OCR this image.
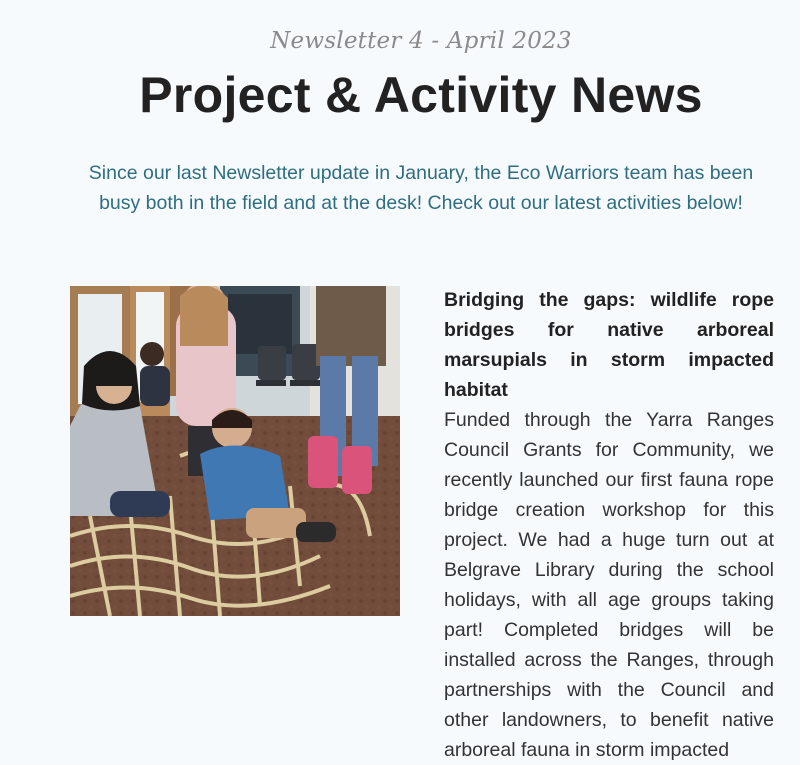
Newsletter 4 - April 2023
Project & Activity News
Since our last Newsletter update in January, the Eco Warriors team has been busy both in the field and at the desk! Check out our latest activities below!
Bridging the gaps: wildlife rope bridges for native arboreal marsupials in storm impacted habitat

Funded through the Yarra Ranges Council Grants for Community, we recently launched our first fauna rope bridge creation workshop for this project. We had a huge turn out at Belgrave Library during the school holidays, with all age groups taking part! Completed bridges will be installed across the Ranges, through partnerships with the Council and other landowners, to benefit native arboreal fauna in storm impacted
